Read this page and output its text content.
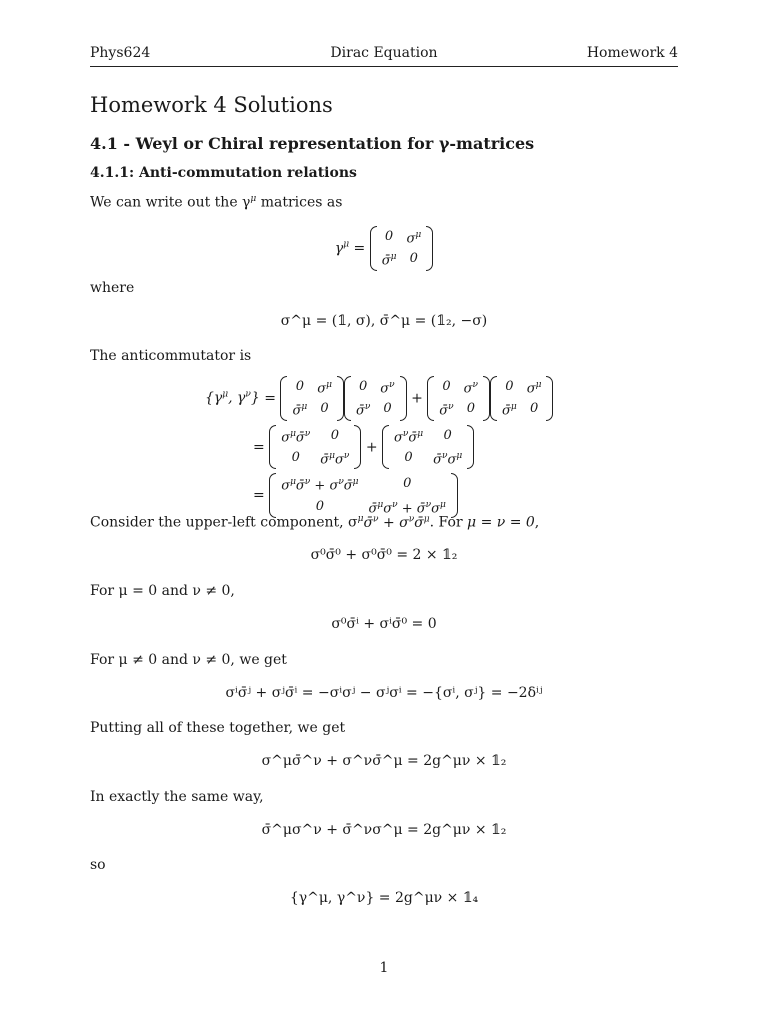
Phys624	Dirac Equation	Homework 4
Homework 4 Solutions
4.1 - Weyl or Chiral representation for γ-matrices
4.1.1: Anti-commutation relations
We can write out the $\gamma^\mu$ matrices as
$\gamma^\mu$ =
0	$\sigma^\mu$
σ̄$^\mu$	0
where
σ^μ = (𝟙, σ), σ̄^μ = (𝟙₂, −σ)
The anticommutator is
{$\gamma^\mu$, $\gamma^\nu$} =
0	$\sigma^\mu$
σ̄$^\mu$	0
0	$\sigma^\nu$
σ̄$^\nu$	0
+
0	$\sigma^\nu$
σ̄$^\nu$	0
0	$\sigma^\mu$
σ̄$^\mu$	0
=
$\sigma^\mu\sigmā^\nu$	0
0	$\sigmā^\mu\sigma^\nu$
+
$\sigma^\nu\sigmā^\mu$	0
0	$\sigmā^\nu\sigma^\mu$
=
$\sigma^\mu\sigmā^\nu$ + $\sigma^\nu\sigmā^\mu$	0
0	$\sigmā^\mu\sigma^\nu$ + $\sigmā^\nu\sigma^\mu$
Consider the upper-left component, $\sigma^\mu\sigmā^\nu$ + $\sigma^\nu\sigmā^\mu$. For μ = ν = 0,
σ⁰σ̄⁰ + σ⁰σ̄⁰ = 2 × 𝟙₂
For μ = 0 and ν ≠ 0,
σ⁰σ̄ⁱ + σⁱσ̄⁰ = 0
For μ ≠ 0 and ν ≠ 0, we get
σⁱσ̄ʲ + σʲσ̄ⁱ = −σⁱσʲ − σʲσⁱ = −{σⁱ, σʲ} = −2δⁱʲ
Putting all of these together, we get
σ^μσ̄^ν + σ^νσ̄^μ = 2g^μν × 𝟙₂
In exactly the same way,
σ̄^μσ^ν + σ̄^νσ^μ = 2g^μν × 𝟙₂
so
{γ^μ, γ^ν} = 2g^μν × 𝟙₄
1
